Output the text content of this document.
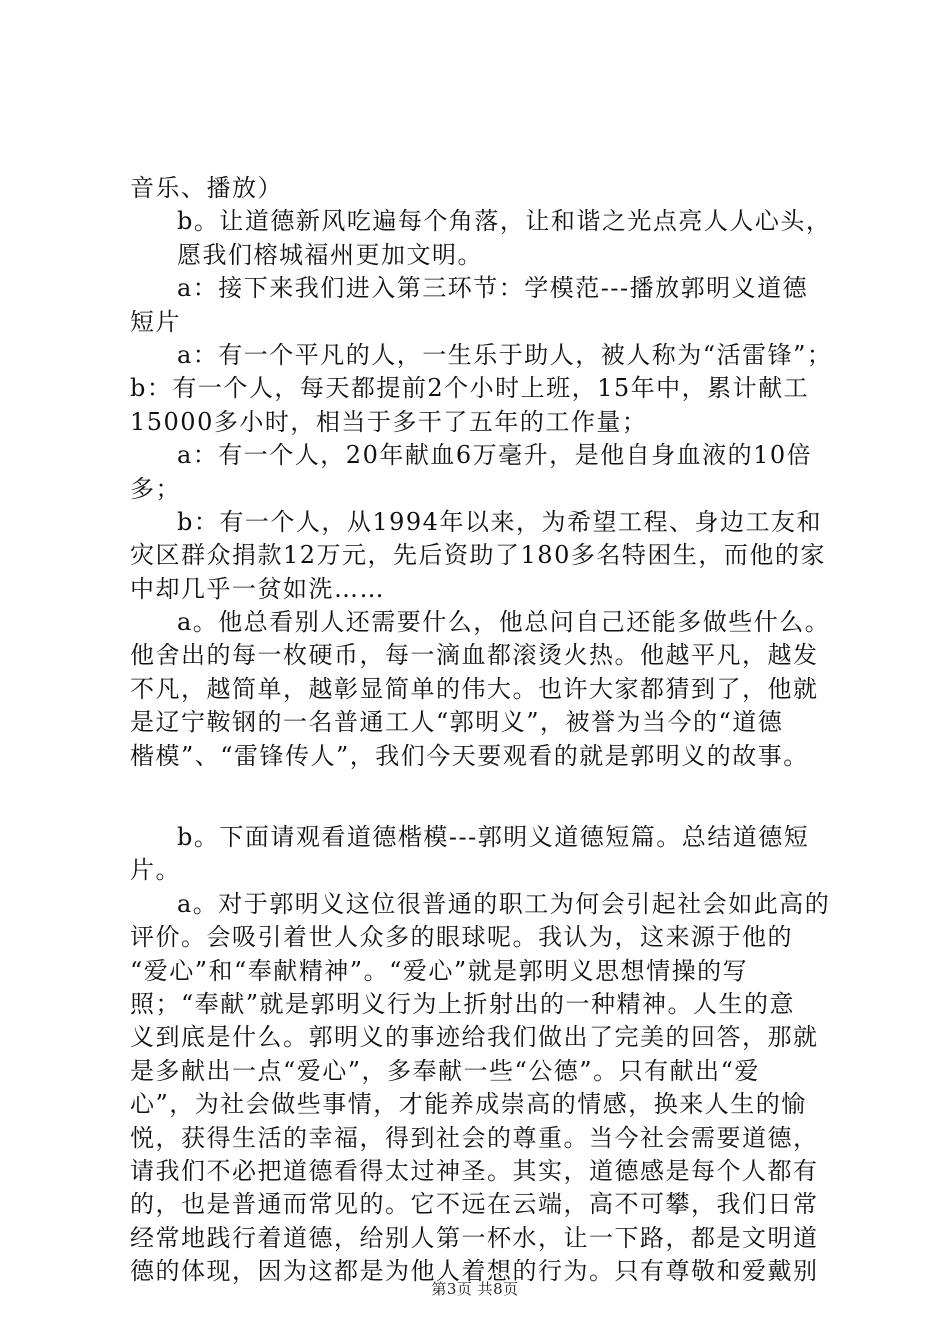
音乐、播放）
b。让道德新风吃遍每个角落，让和谐之光点亮人人心头，
愿我们榕城福州更加文明。
a：接下来我们进入第三环节：学模范---播放郭明义道德
短片
a：有一个平凡的人，一生乐于助人，被人称为“活雷锋”；
b：有一个人，每天都提前2个小时上班，15年中，累计献工
15000多小时，相当于多干了五年的工作量；
a：有一个人，20年献血6万毫升，是他自身血液的10倍
多；
b：有一个人，从1994年以来，为希望工程、身边工友和
灾区群众捐款12万元，先后资助了180多名特困生，而他的家
中却几乎一贫如洗……
a。他总看别人还需要什么，他总问自己还能多做些什么。
他舍出的每一枚硬币，每一滴血都滚烫火热。他越平凡，越发
不凡，越简单，越彰显简单的伟大。也许大家都猜到了，他就
是辽宁鞍钢的一名普通工人“郭明义”，被誉为当今的“道德
楷模”、“雷锋传人”，我们今天要观看的就是郭明义的故事。
b。下面请观看道德楷模---郭明义道德短篇。总结道德短
片。
a。对于郭明义这位很普通的职工为何会引起社会如此高的
评价。会吸引着世人众多的眼球呢。我认为，这来源于他的
“爱心”和“奉献精神”。“爱心”就是郭明义思想情操的写
照；“奉献”就是郭明义行为上折射出的一种精神。人生的意
义到底是什么。郭明义的事迹给我们做出了完美的回答，那就
是多献出一点“爱心”，多奉献一些“公德”。只有献出“爱
心”，为社会做些事情，才能养成崇高的情感，换来人生的愉
悦，获得生活的幸福，得到社会的尊重。当今社会需要道德，
请我们不必把道德看得太过神圣。其实，道德感是每个人都有
的，也是普通而常见的。它不远在云端，高不可攀，我们日常
经常地践行着道德，给别人第一杯水，让一下路，都是文明道
德的体现，因为这都是为他人着想的行为。只有尊敬和爱戴别
第3页 共8页
